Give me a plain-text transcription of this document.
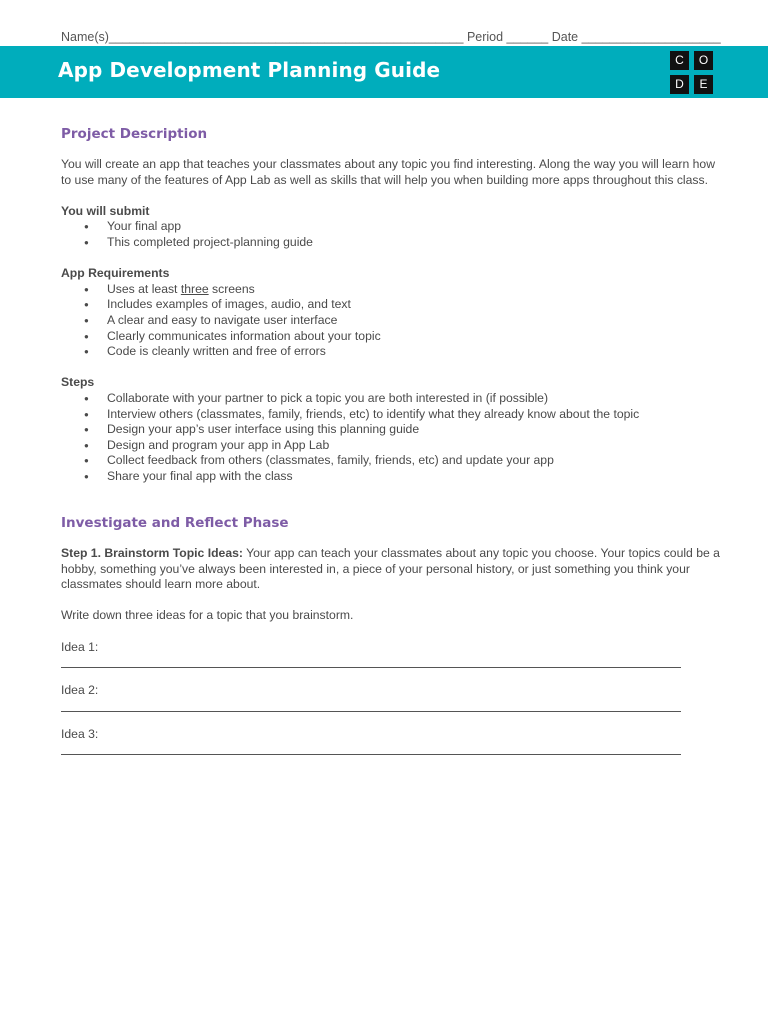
Name(s)___________________________________________________ Period ______ Date ____________________
App Development Planning Guide	C	O
D	E
Project Description

You will create an app that teaches your classmates about any topic you find interesting. Along the way you will learn how to use many of the features of App Lab as well as skills that will help you when building more apps throughout this class.

You will submit
● Your final app
● This completed project-planning guide
App Requirements
● Uses at least three screens
● Includes examples of images, audio, and text
● A clear and easy to navigate user interface
● Clearly communicates information about your topic
● Code is cleanly written and free of errors
Steps
● Collaborate with your partner to pick a topic you are both interested in (if possible)
● Interview others (classmates, family, friends, etc) to identify what they already know about the topic
● Design your app’s user interface using this planning guide
● Design and program your app in App Lab
● Collect feedback from others (classmates, family, friends, etc) and update your app
● Share your final app with the class
Investigate and Reflect Phase

Step 1. Brainstorm Topic Ideas: Your app can teach your classmates about any topic you choose. Your topics could be a hobby, something you’ve always been interested in, a piece of your personal history, or just something you think your classmates should learn more about.

Write down three ideas for a topic that you brainstorm.

Idea 1:
Idea 2:
Idea 3:
